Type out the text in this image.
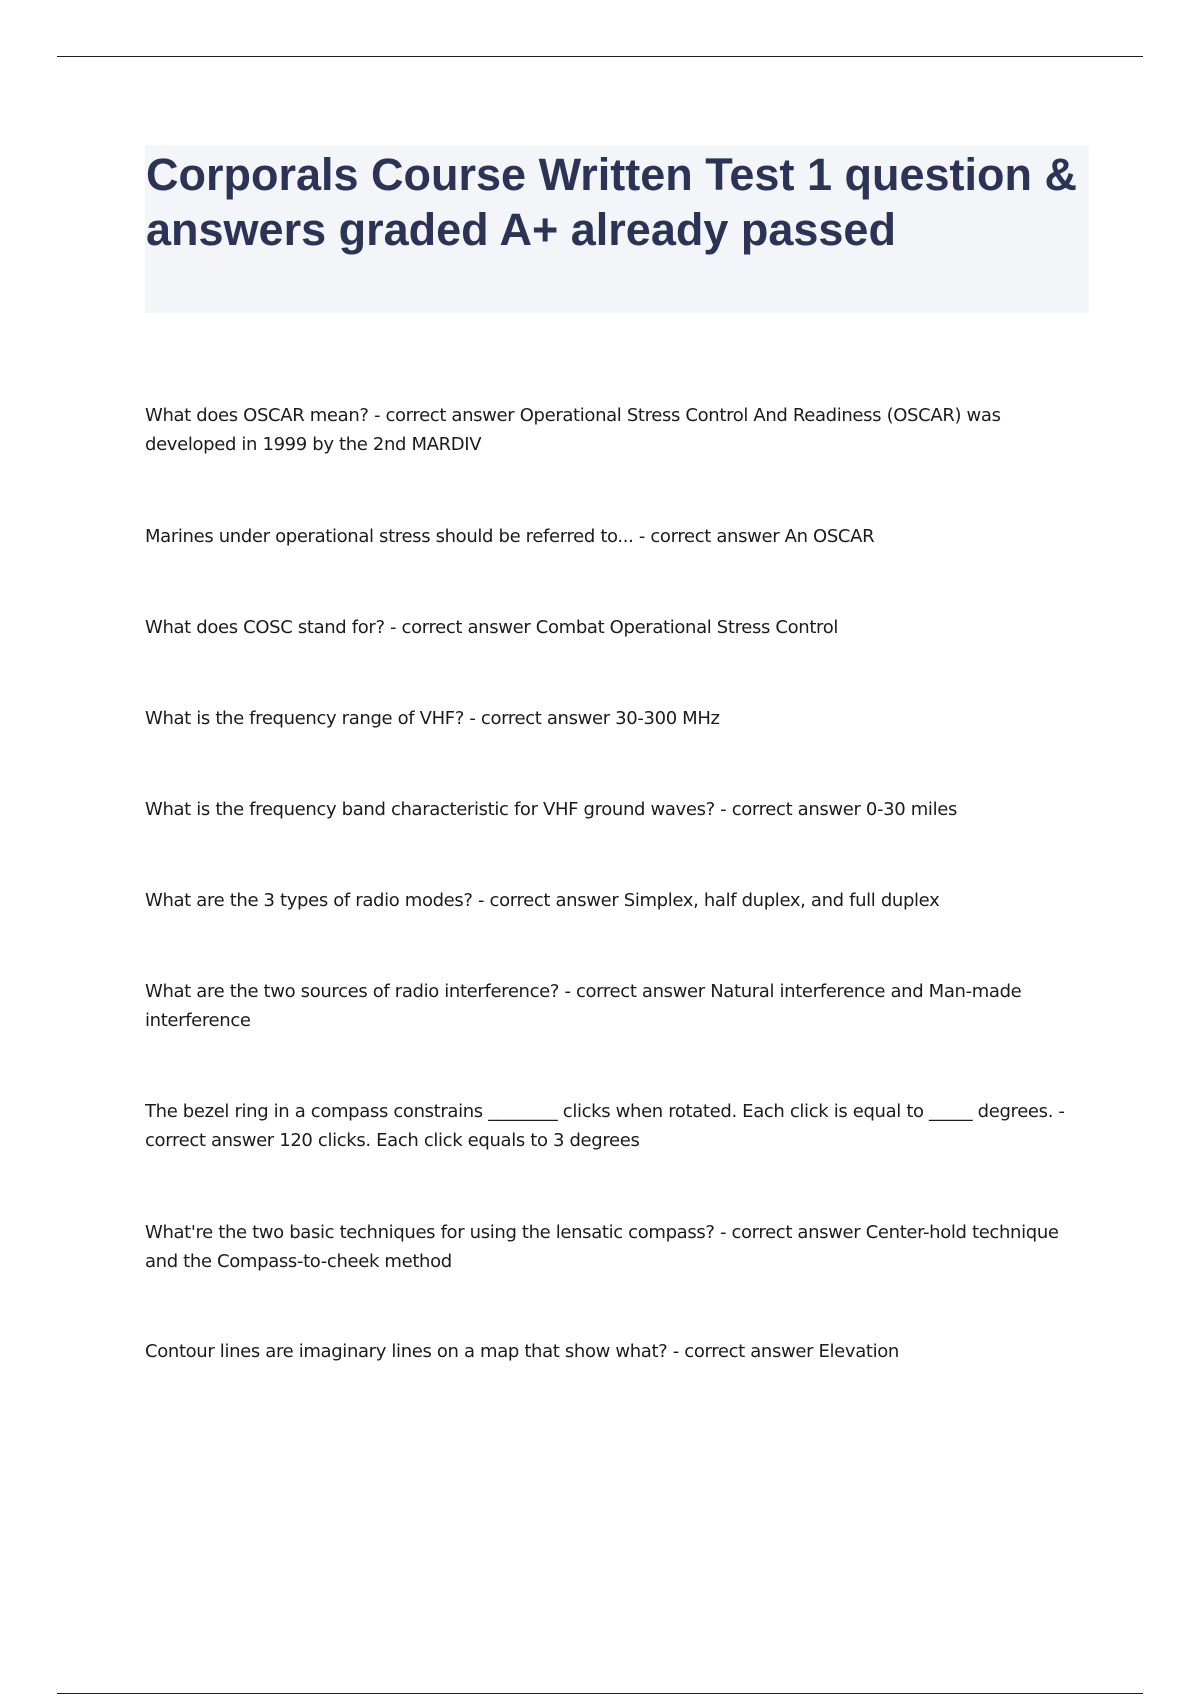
Corporals Course Written Test 1 question & answers graded A+ already passed

What does OSCAR mean? - correct answer Operational Stress Control And Readiness (OSCAR) was developed in 1999 by the 2nd MARDIV

Marines under operational stress should be referred to... - correct answer An OSCAR

What does COSC stand for? - correct answer Combat Operational Stress Control

What is the frequency range of VHF? - correct answer 30-300 MHz

What is the frequency band characteristic for VHF ground waves? - correct answer 0-30 miles

What are the 3 types of radio modes? - correct answer Simplex, half duplex, and full duplex

What are the two sources of radio interference? - correct answer Natural interference and Man-made interference

The bezel ring in a compass constrains ________ clicks when rotated. Each click is equal to _____ degrees. - correct answer 120 clicks. Each click equals to 3 degrees

What're the two basic techniques for using the lensatic compass? - correct answer Center-hold technique and the Compass-to-cheek method

Contour lines are imaginary lines on a map that show what? - correct answer Elevation
